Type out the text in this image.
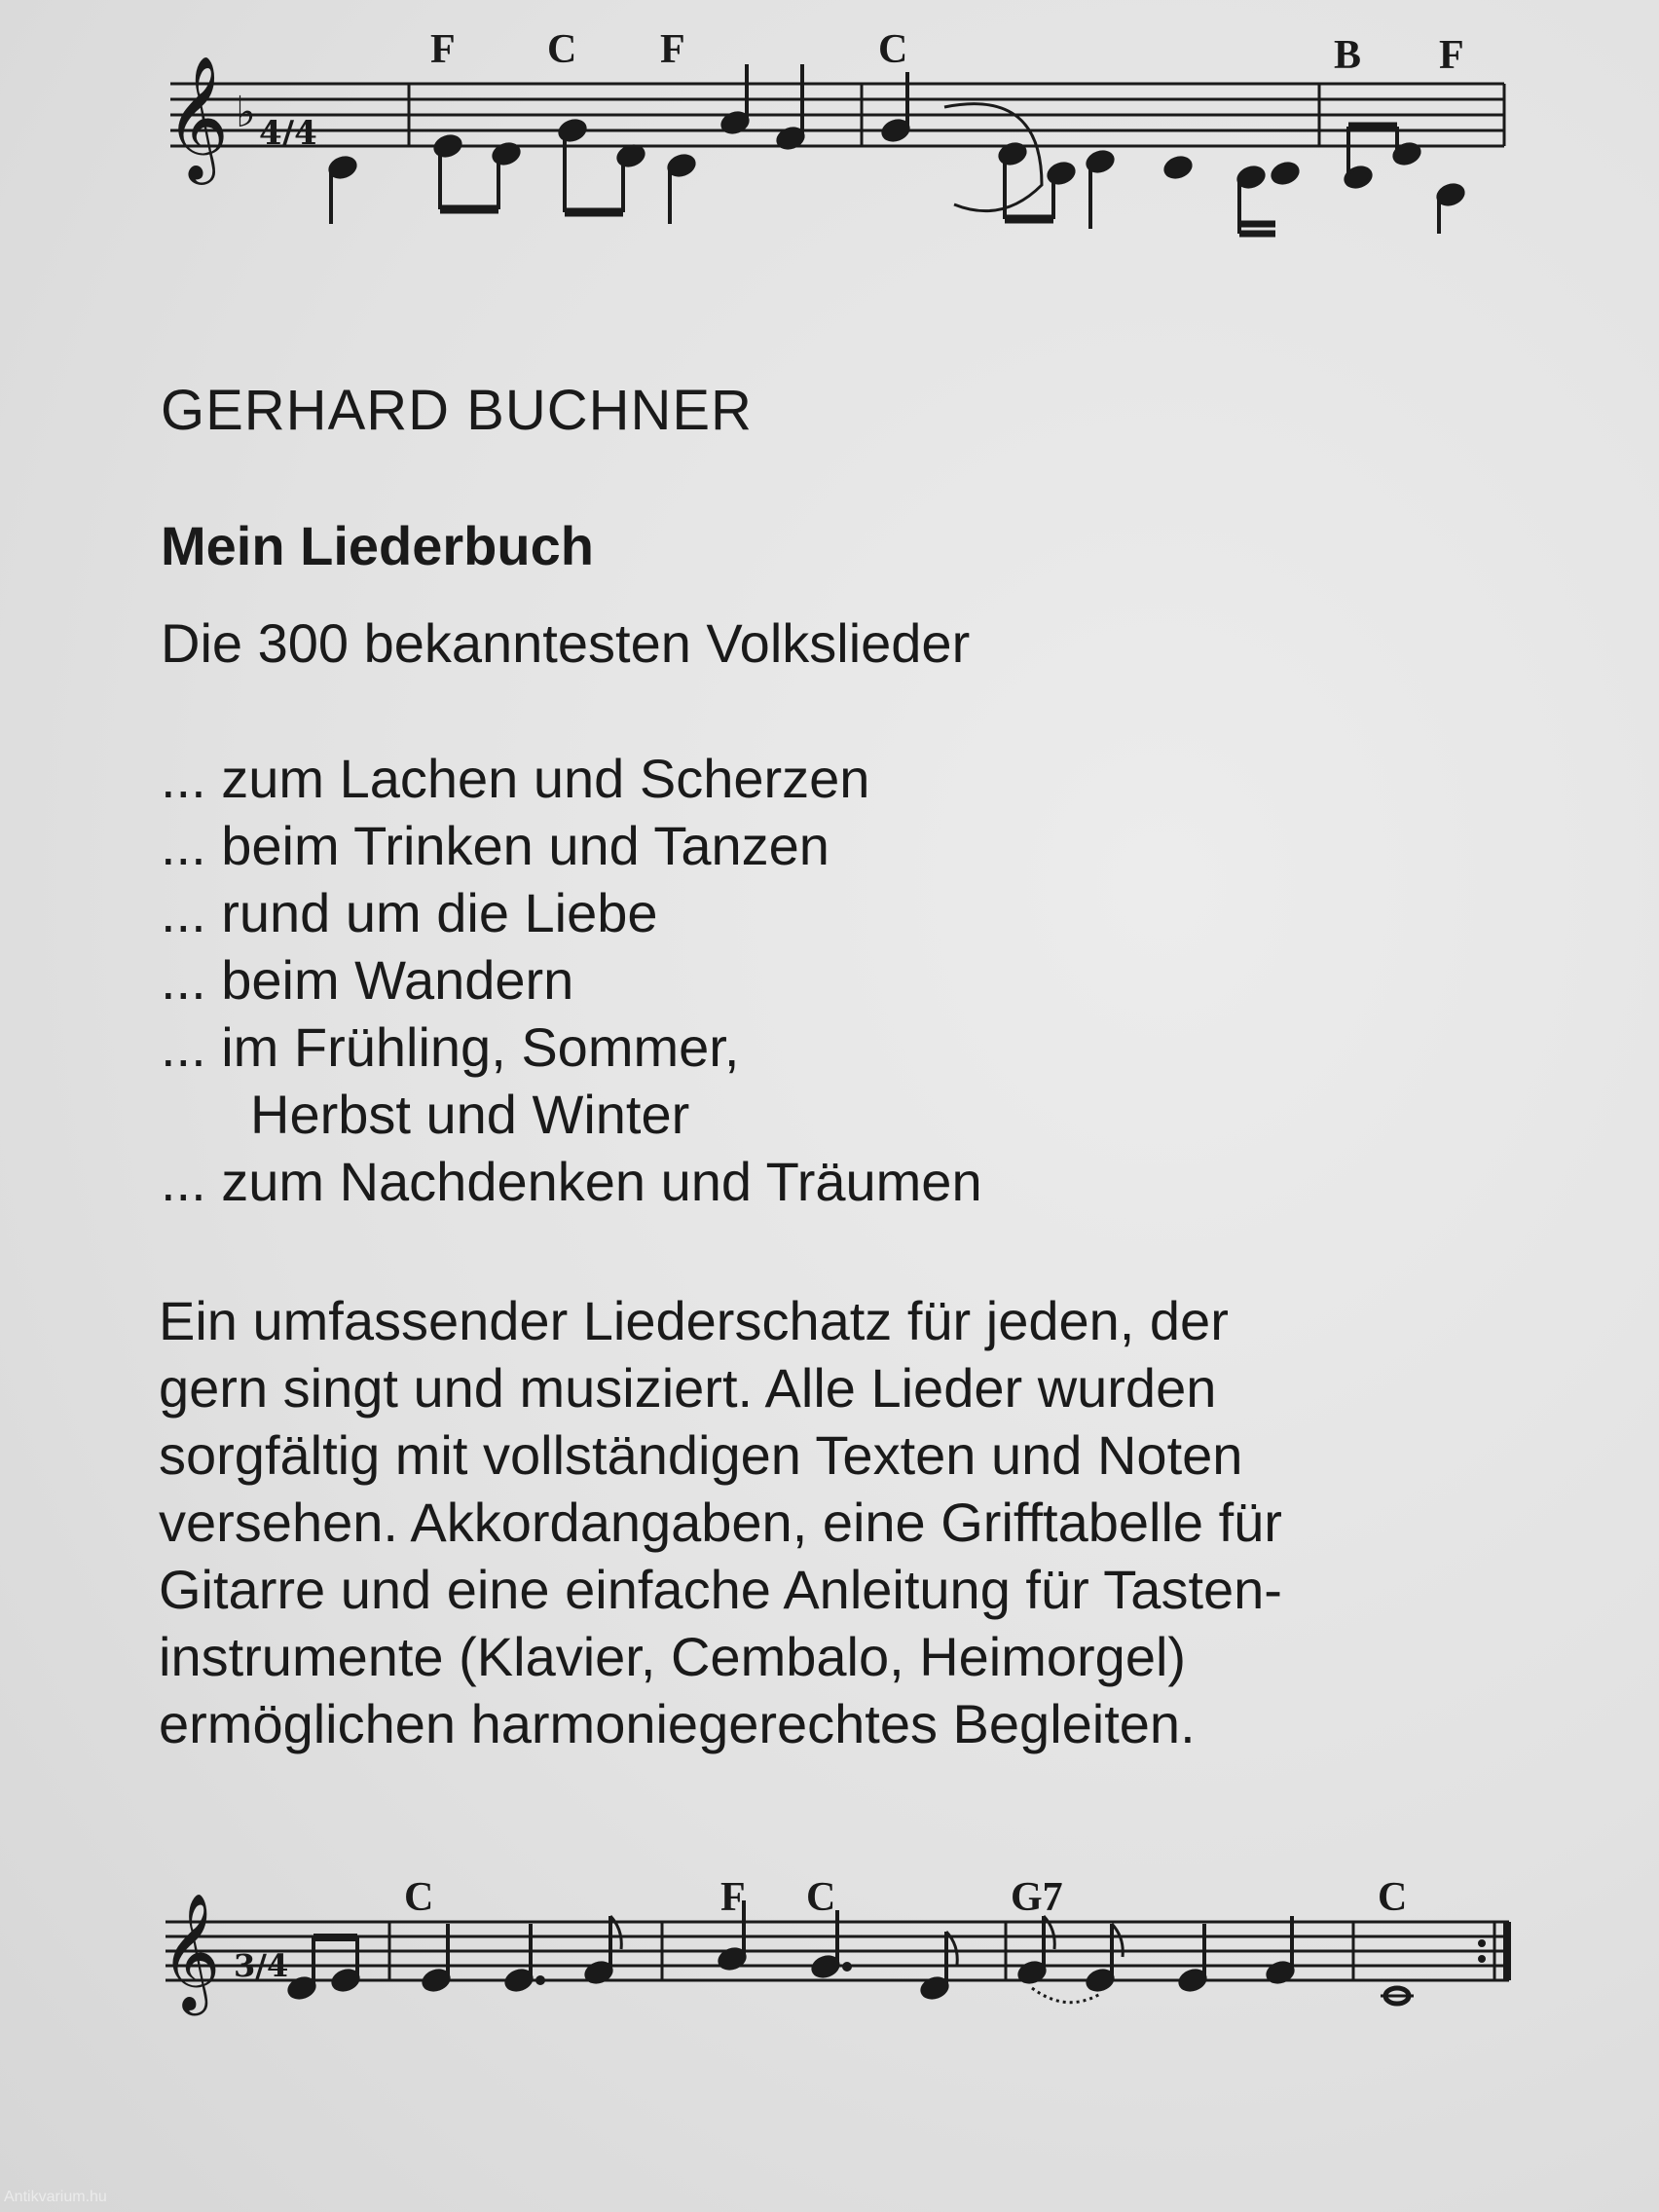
𝄞 ♭ 4/4
F C F	C	B F
GERHARD BUCHNER
Mein Liederbuch
Die 300 bekanntesten Volkslieder
... zum Lachen und Scherzen
... beim Trinken und Tanzen
... rund um die Liebe
... beim Wandern
... im Frühling, Sommer,
Herbst und Winter
... zum Nachdenken und Träumen

Ein umfassender Liederschatz für jeden, der
gern singt und musiziert. Alle Lieder wurden
sorgfältig mit vollständigen Texten und Noten
versehen. Akkordangaben, eine Grifftabelle für
Gitarre und eine einfache Anleitung für Tasten-
instrumente (Klavier, Cembalo, Heimorgel)
ermöglichen harmoniegerechtes Begleiten.

𝄞 3/4
C	F C	G7	C
Antikvarium.hu
